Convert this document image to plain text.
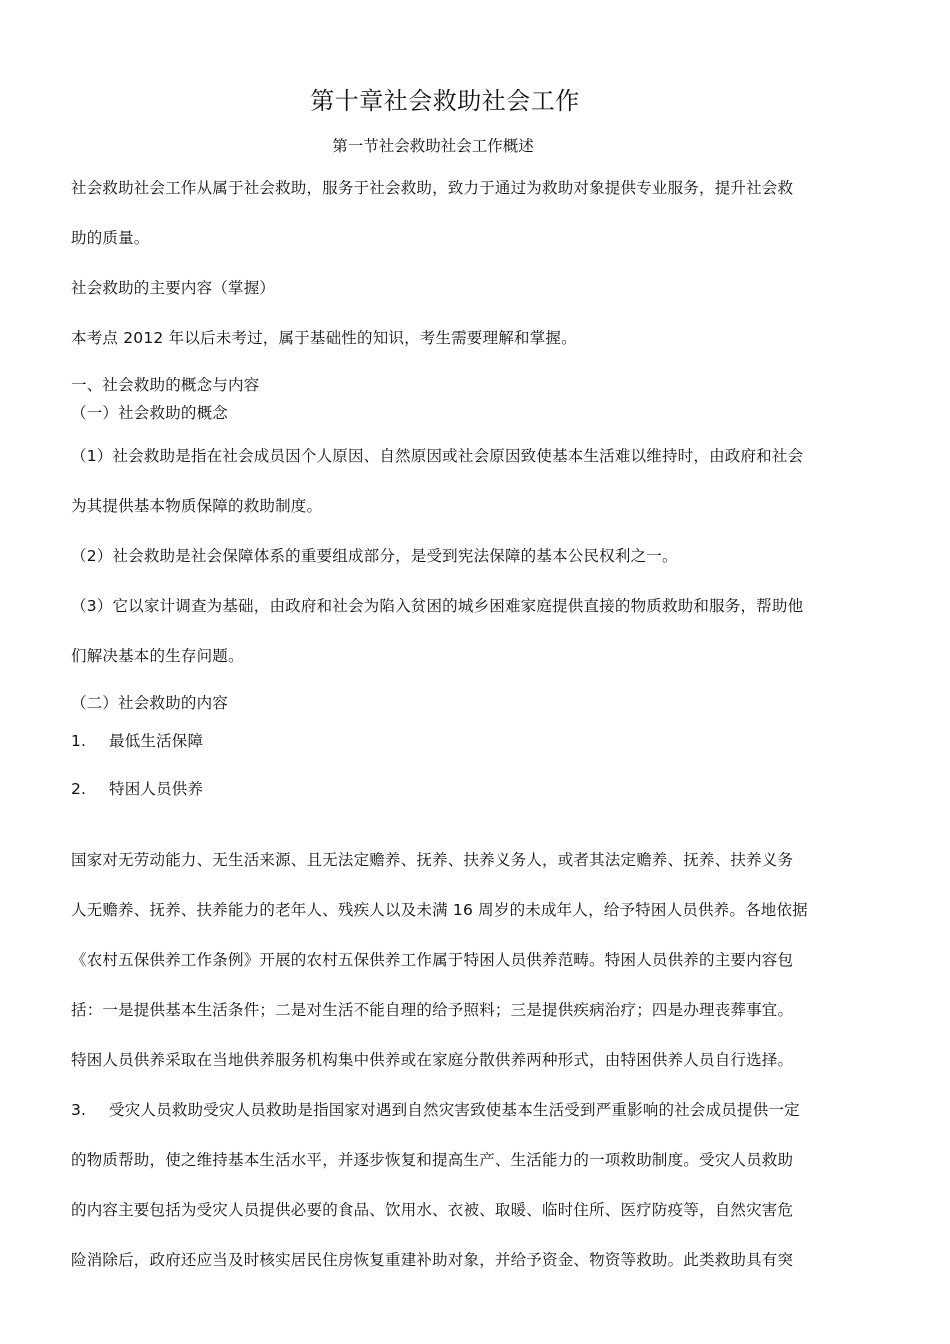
第十章社会救助社会工作
第一节社会救助社会工作概述
社会救助社会工作从属于社会救助，服务于社会救助，致力于通过为救助对象提供专业服务，提升社会救
助的质量。
社会救助的主要内容（掌握）
本考点 2012 年以后未考过，属于基础性的知识，考生需要理解和掌握。
一、社会救助的概念与内容
（一）社会救助的概念
（1）社会救助是指在社会成员因个人原因、自然原因或社会原因致使基本生活难以维持时，由政府和社会
为其提供基本物质保障的救助制度。
（2）社会救助是社会保障体系的重要组成部分，是受到宪法保障的基本公民权利之一。
（3）它以家计调查为基础，由政府和社会为陷入贫困的城乡困难家庭提供直接的物质救助和服务，帮助他
们解决基本的生存问题。
（二）社会救助的内容
1. 最低生活保障
2. 特困人员供养
国家对无劳动能力、无生活来源、且无法定赡养、抚养、扶养义务人，或者其法定赡养、抚养、扶养义务
人无赡养、抚养、扶养能力的老年人、残疾人以及未满 16 周岁的未成年人，给予特困人员供养。各地依据
《农村五保供养工作条例》开展的农村五保供养工作属于特困人员供养范畴。特困人员供养的主要内容包
括：一是提供基本生活条件；二是对生活不能自理的给予照料；三是提供疾病治疗；四是办理丧葬事宜。
特困人员供养采取在当地供养服务机构集中供养或在家庭分散供养两种形式，由特困供养人员自行选择。
3. 受灾人员救助受灾人员救助是指国家对遇到自然灾害致使基本生活受到严重影响的社会成员提供一定
的物质帮助，使之维持基本生活水平，并逐步恢复和提高生产、生活能力的一项救助制度。受灾人员救助
的内容主要包括为受灾人员提供必要的食品、饮用水、衣被、取暖、临时住所、医疗防疫等，自然灾害危
险消除后，政府还应当及时核实居民住房恢复重建补助对象，并给予资金、物资等救助。此类救助具有突
